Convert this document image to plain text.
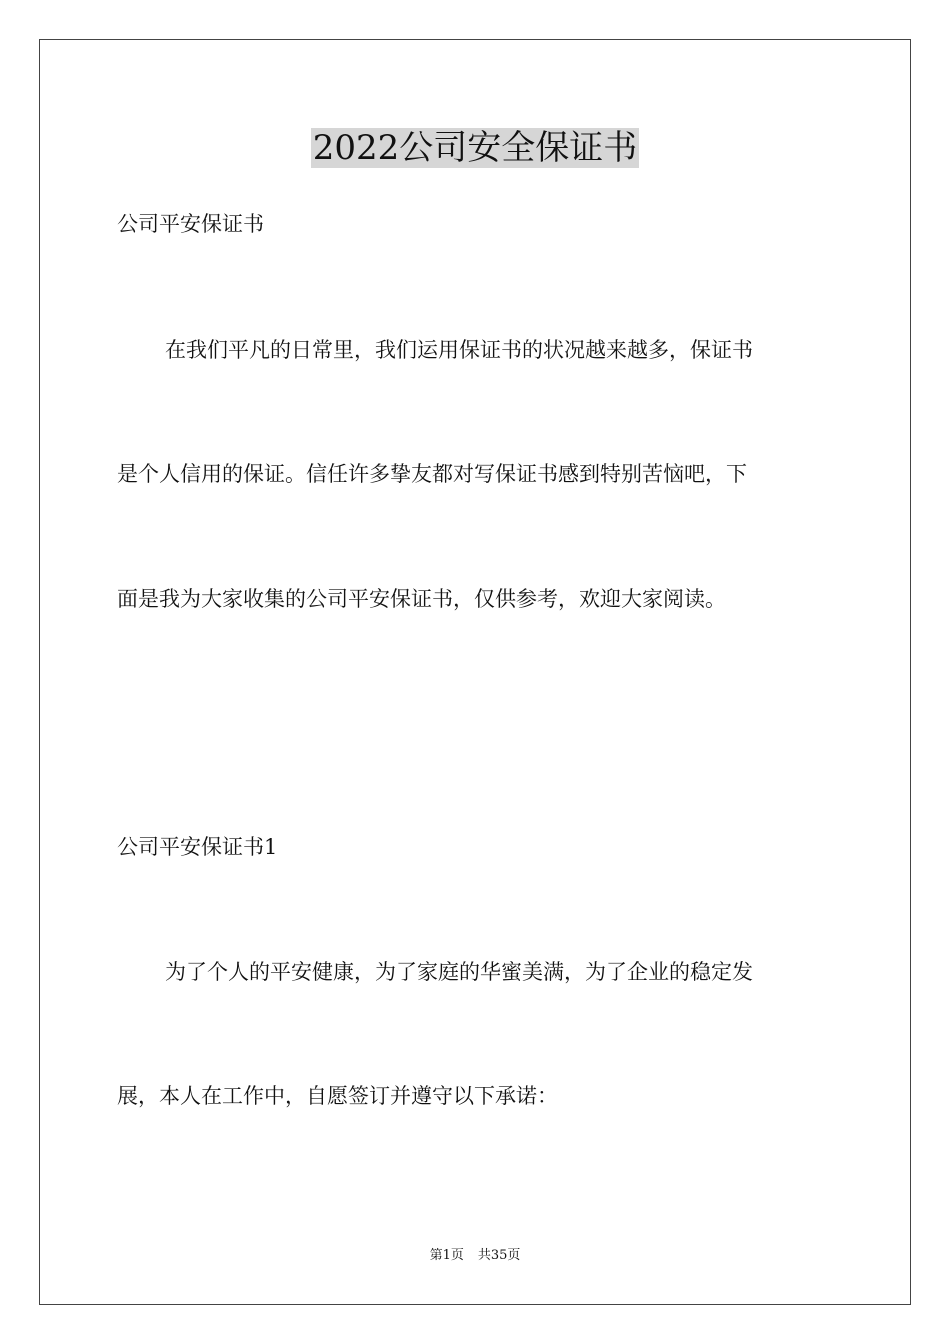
2022公司安全保证书
公司平安保证书
在我们平凡的日常里，我们运用保证书的状况越来越多，保证书
是个人信用的保证。信任许多挚友都对写保证书感到特别苦恼吧，下
面是我为大家收集的公司平安保证书，仅供参考，欢迎大家阅读。
公司平安保证书1
为了个人的平安健康，为了家庭的华蜜美满，为了企业的稳定发
展，本人在工作中，自愿签订并遵守以下承诺：
第1页 共35页
